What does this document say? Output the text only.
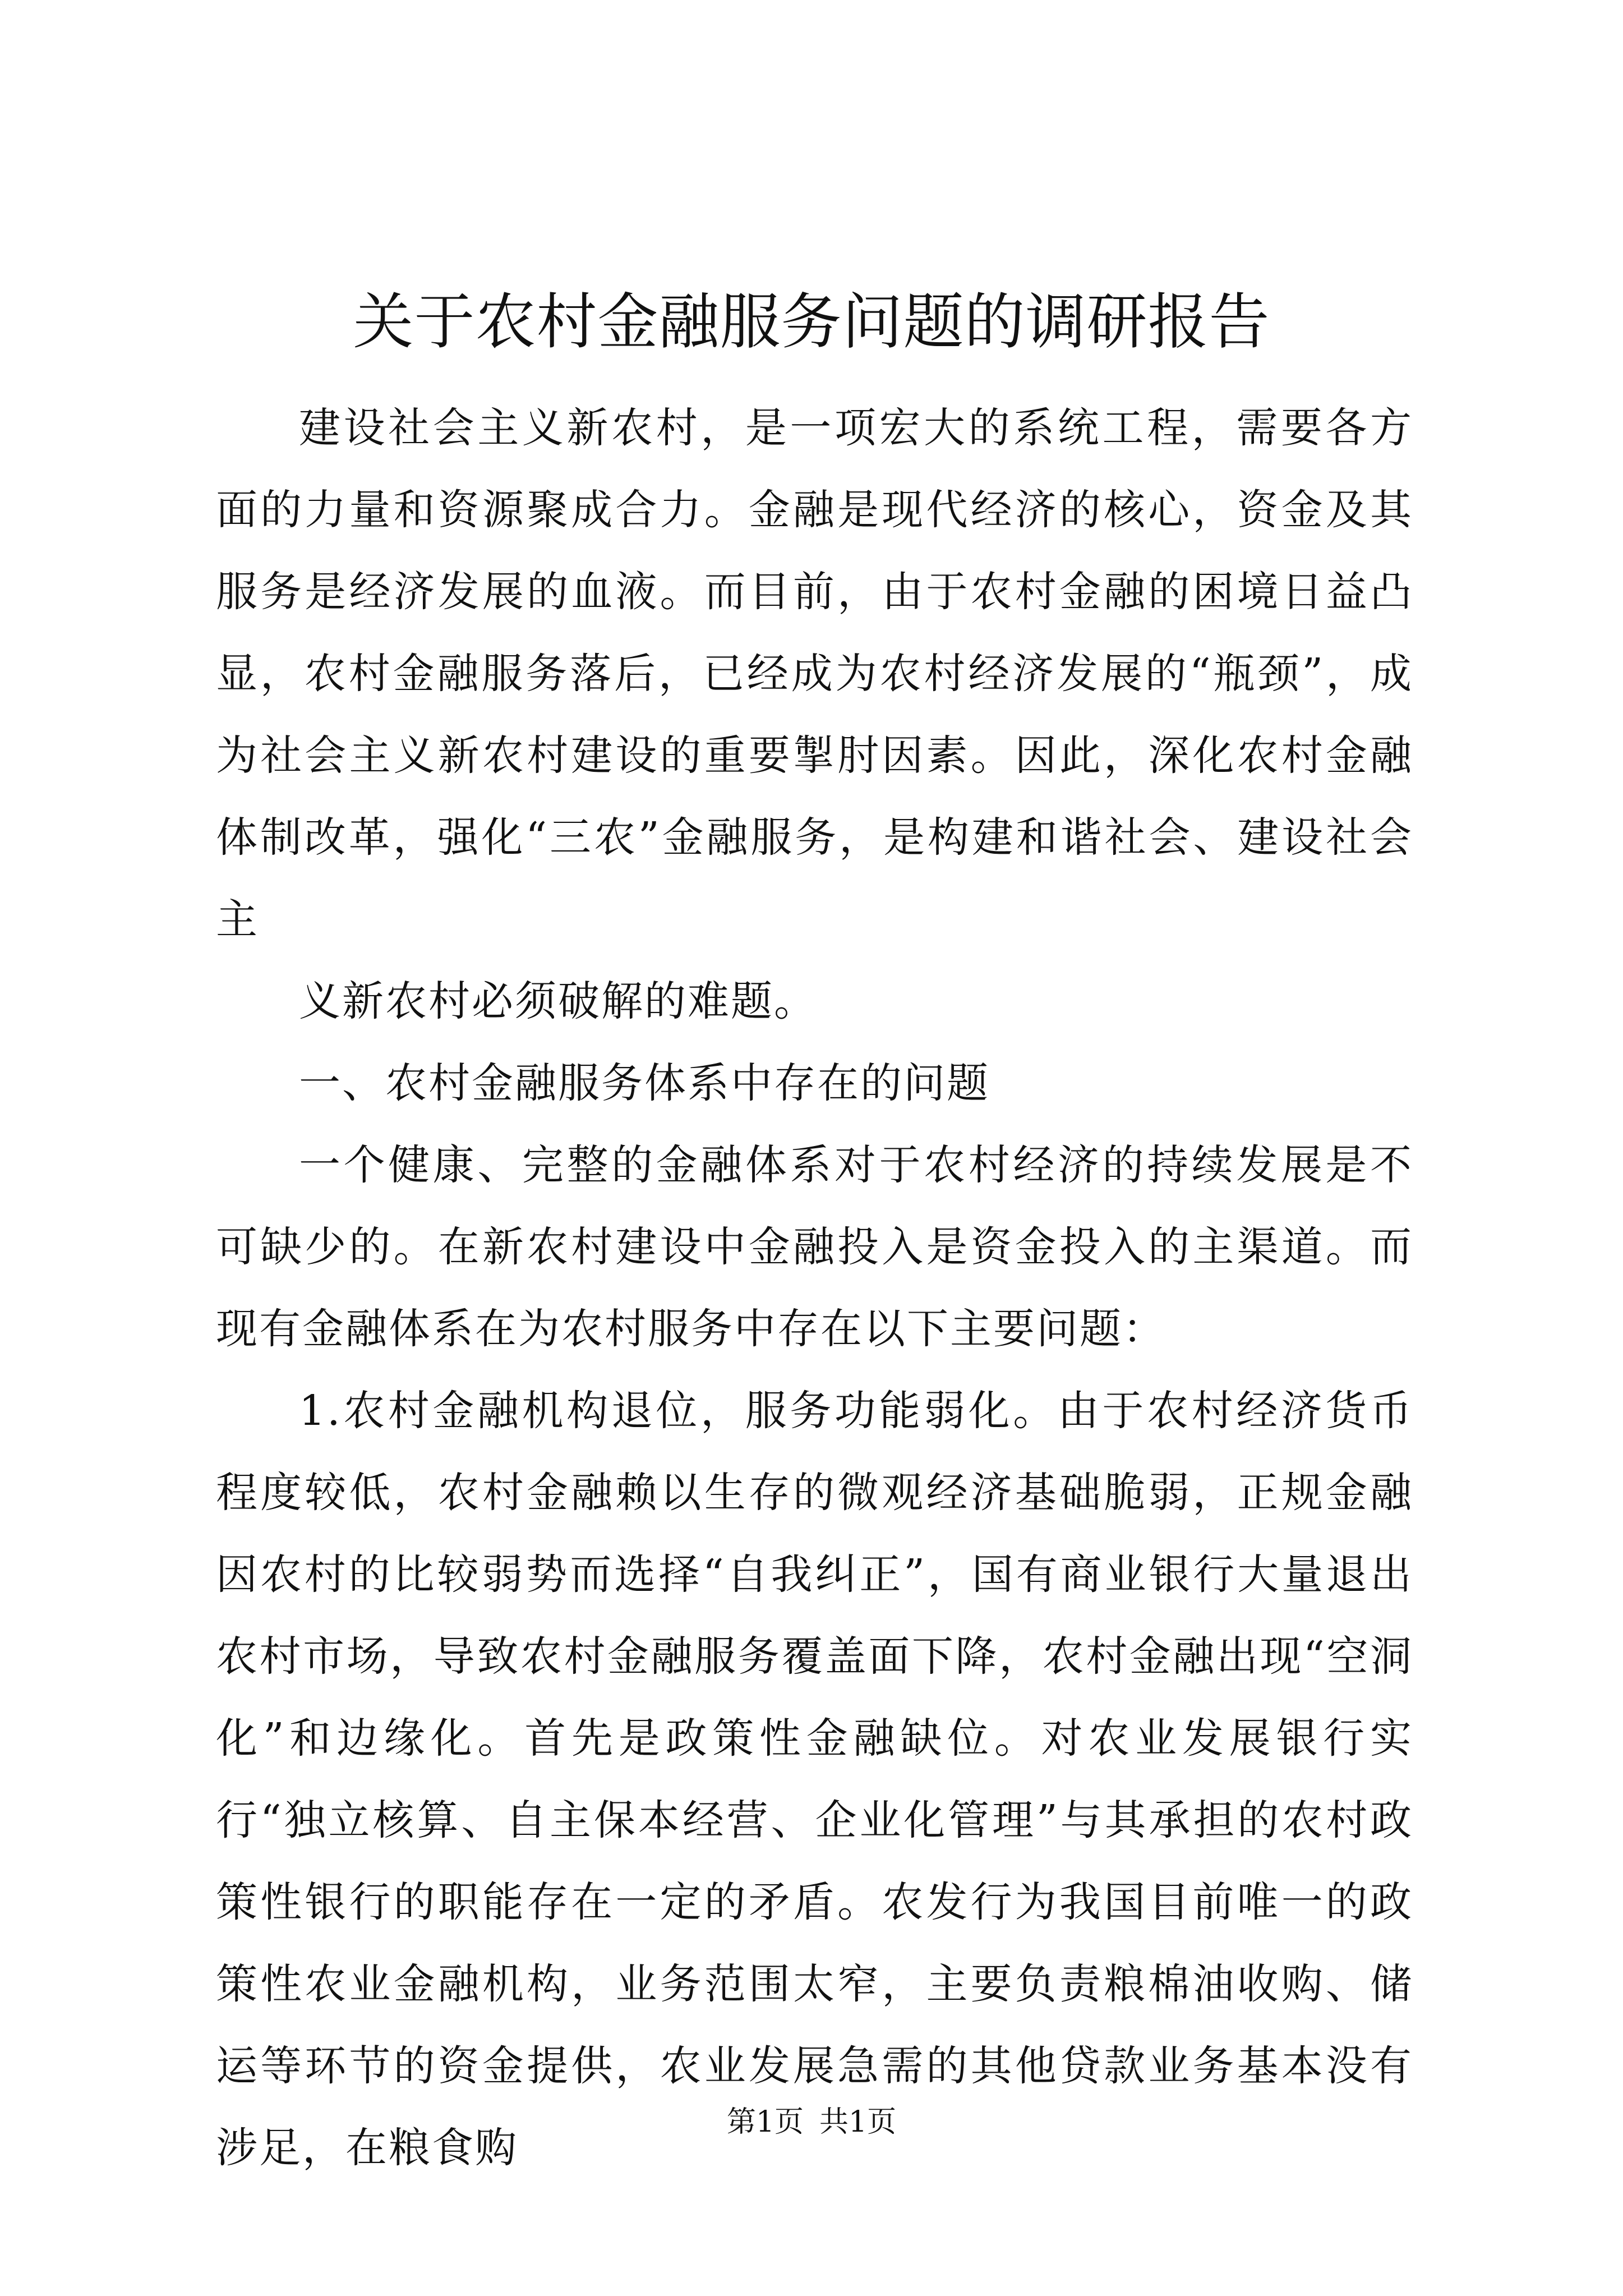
关于农村金融服务问题的调研报告

建设社会主义新农村，是一项宏大的系统工程，需要各方面的力量和资源聚成合力。金融是现代经济的核心，资金及其服务是经济发展的血液。而目前，由于农村金融的困境日益凸显，农村金融服务落后，已经成为农村经济发展的“瓶颈”，成为社会主义新农村建设的重要掣肘因素。因此，深化农村金融体制改革，强化“三农”金融服务，是构建和谐社会、建设社会主

义新农村必须破解的难题。

一、农村金融服务体系中存在的问题

一个健康、完整的金融体系对于农村经济的持续发展是不可缺少的。在新农村建设中金融投入是资金投入的主渠道。而现有金融体系在为农村服务中存在以下主要问题：

1.农村金融机构退位，服务功能弱化。由于农村经济货币程度较低，农村金融赖以生存的微观经济基础脆弱，正规金融因农村的比较弱势而选择“自我纠正”，国有商业银行大量退出农村市场，导致农村金融服务覆盖面下降，农村金融出现“空洞化”和边缘化。首先是政策性金融缺位。对农业发展银行实行“独立核算、自主保本经营、企业化管理”与其承担的农村政策性银行的职能存在一定的矛盾。农发行为我国目前唯一的政策性农业金融机构，业务范围太窄，主要负责粮棉油收购、储运等环节的资金提供，农业发展急需的其他贷款业务基本没有涉足，在粮食购

第1页 共1页
